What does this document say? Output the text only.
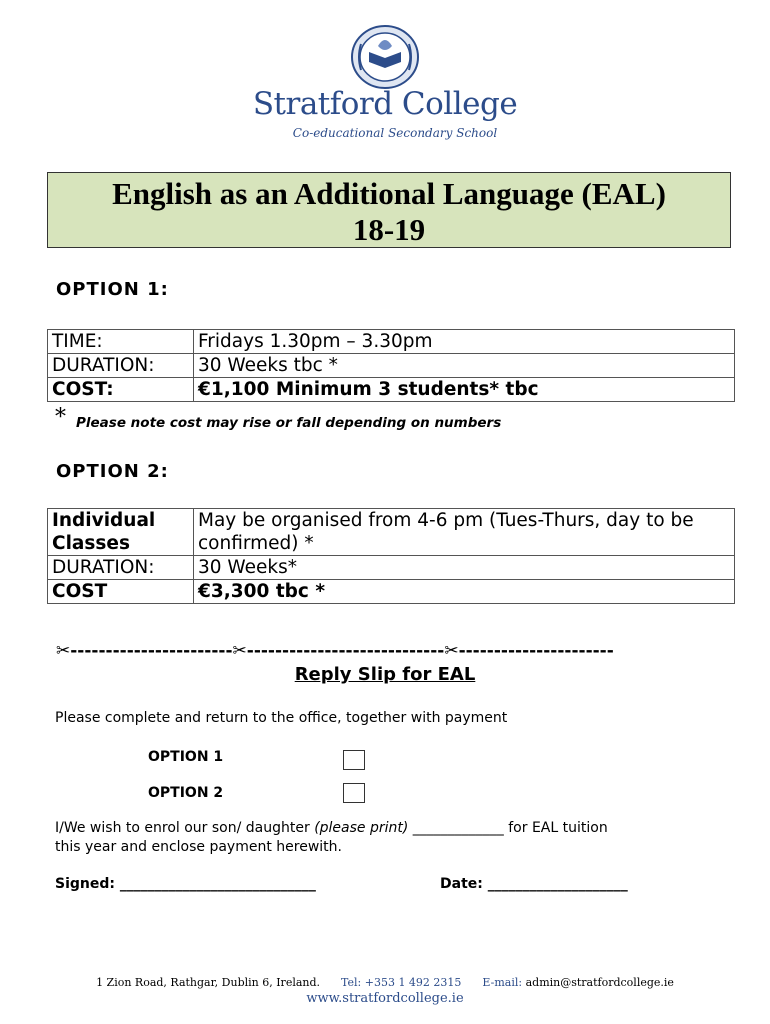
Stratford College
Co-educational Secondary School
English as an Additional Language (EAL)
18-19
OPTION 1:
TIME:	Fridays 1.30pm – 3.30pm
DURATION:	30 Weeks tbc *
COST:	€1,100 Minimum 3 students* tbc
* Please note cost may rise or fall depending on numbers
OPTION 2:
Individual Classes	May be organised from 4-6 pm (Tues-Thurs, day to be confirmed) *
DURATION:	30 Weeks*
COST	€3,300 tbc *
✂-----------------------✂----------------------------✂----------------------
Reply Slip for EAL
Please complete and return to the office, together with payment
OPTION 1
OPTION 2
I/We wish to enrol our son/ daughter (please print) _____________ for EAL tuition
this year and enclose payment herewith.
Signed: ____________________________	Date: ____________________
1 Zion Road, Rathgar, Dublin 6, Ireland. Tel: +353 1 492 2315 E-mail: admin@stratfordcollege.ie
www.stratfordcollege.ie
